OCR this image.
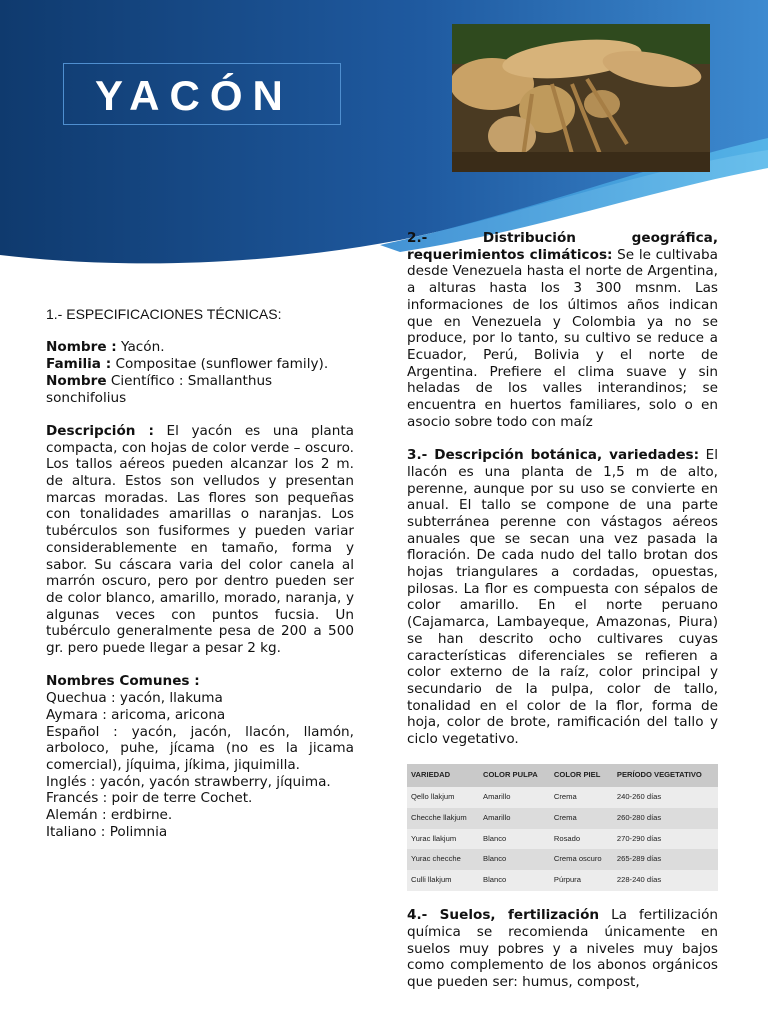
YACÓN

1.- ESPECIFICACIONES TÉCNICAS:

Nombre : Yacón.

Familia : Compositae (sunflower family).

Nombre Científico : Smallanthus sonchifolius

Descripción : El yacón es una planta compacta, con hojas de color verde – oscuro. Los tallos aéreos pueden alcanzar los 2 m. de altura. Estos son velludos y presentan marcas moradas. Las flores son pequeñas con tonalidades amarillas o naranjas. Los tubérculos son fusiformes y pueden variar considerablemente en tamaño, forma y sabor. Su cáscara varia del color canela al marrón oscuro, pero por dentro pueden ser de color blanco, amarillo, morado, naranja, y algunas veces con puntos fucsia. Un tubérculo generalmente pesa de 200 a 500 gr. pero puede llegar a pesar 2 kg.

Nombres Comunes :

Quechua : yacón, llakuma

Aymara : aricoma, aricona

Español : yacón, jacón, llacón, llamón, arboloco, puhe, jícama (no es la jicama comercial), jíquima, jíkima, jiquimilla.

Inglés : yacón, yacón strawberry, jíquima.

Francés : poir de terre Cochet.

Alemán : erdbirne.

Italiano : Polimnia

2.- Distribución geográfica, requerimientos climáticos: Se le cultivaba desde Venezuela hasta el norte de Argentina, a alturas hasta los 3 300 msnm. Las informaciones de los últimos años indican que en Venezuela y Colombia ya no se produce, por lo tanto, su cultivo se reduce a Ecuador, Perú, Bolivia y el norte de Argentina. Prefiere el clima suave y sin heladas de los valles interandinos; se encuentra en huertos familiares, solo o en asocio sobre todo con maíz

3.- Descripción botánica, variedades: El llacón es una planta de 1,5 m de alto, perenne, aunque por su uso se convierte en anual. El tallo se compone de una parte subterránea perenne con vástagos aéreos anuales que se secan una vez pasada la floración. De cada nudo del tallo brotan dos hojas triangulares a cordadas, opuestas, pilosas. La flor es compuesta con sépalos de color amarillo. En el norte peruano (Cajamarca, Lambayeque, Amazonas, Piura) se han descrito ocho cultivares cuyas características diferenciales se refieren a color externo de la raíz, color principal y secundario de la pulpa, color de tallo, tonalidad en el color de la flor, forma de hoja, color de brote, ramificación del tallo y ciclo vegetativo.

VARIEDAD	COLOR PULPA	COLOR PIEL	PERÍODO VEGETATIVO
Qello llakjum	Amarillo	Crema	240-260 días
Checche llakjum	Amarillo	Crema	260-280 días
Yurac llakjum	Blanco	Rosado	270-290 días
Yurac checche	Blanco	Crema oscuro	265-289 días
Culli llakjum	Blanco	Púrpura	228-240 días

4.- Suelos, fertilización La fertilización química se recomienda únicamente en suelos muy pobres y a niveles muy bajos como complemento de los abonos orgánicos que pueden ser: humus, compost,
